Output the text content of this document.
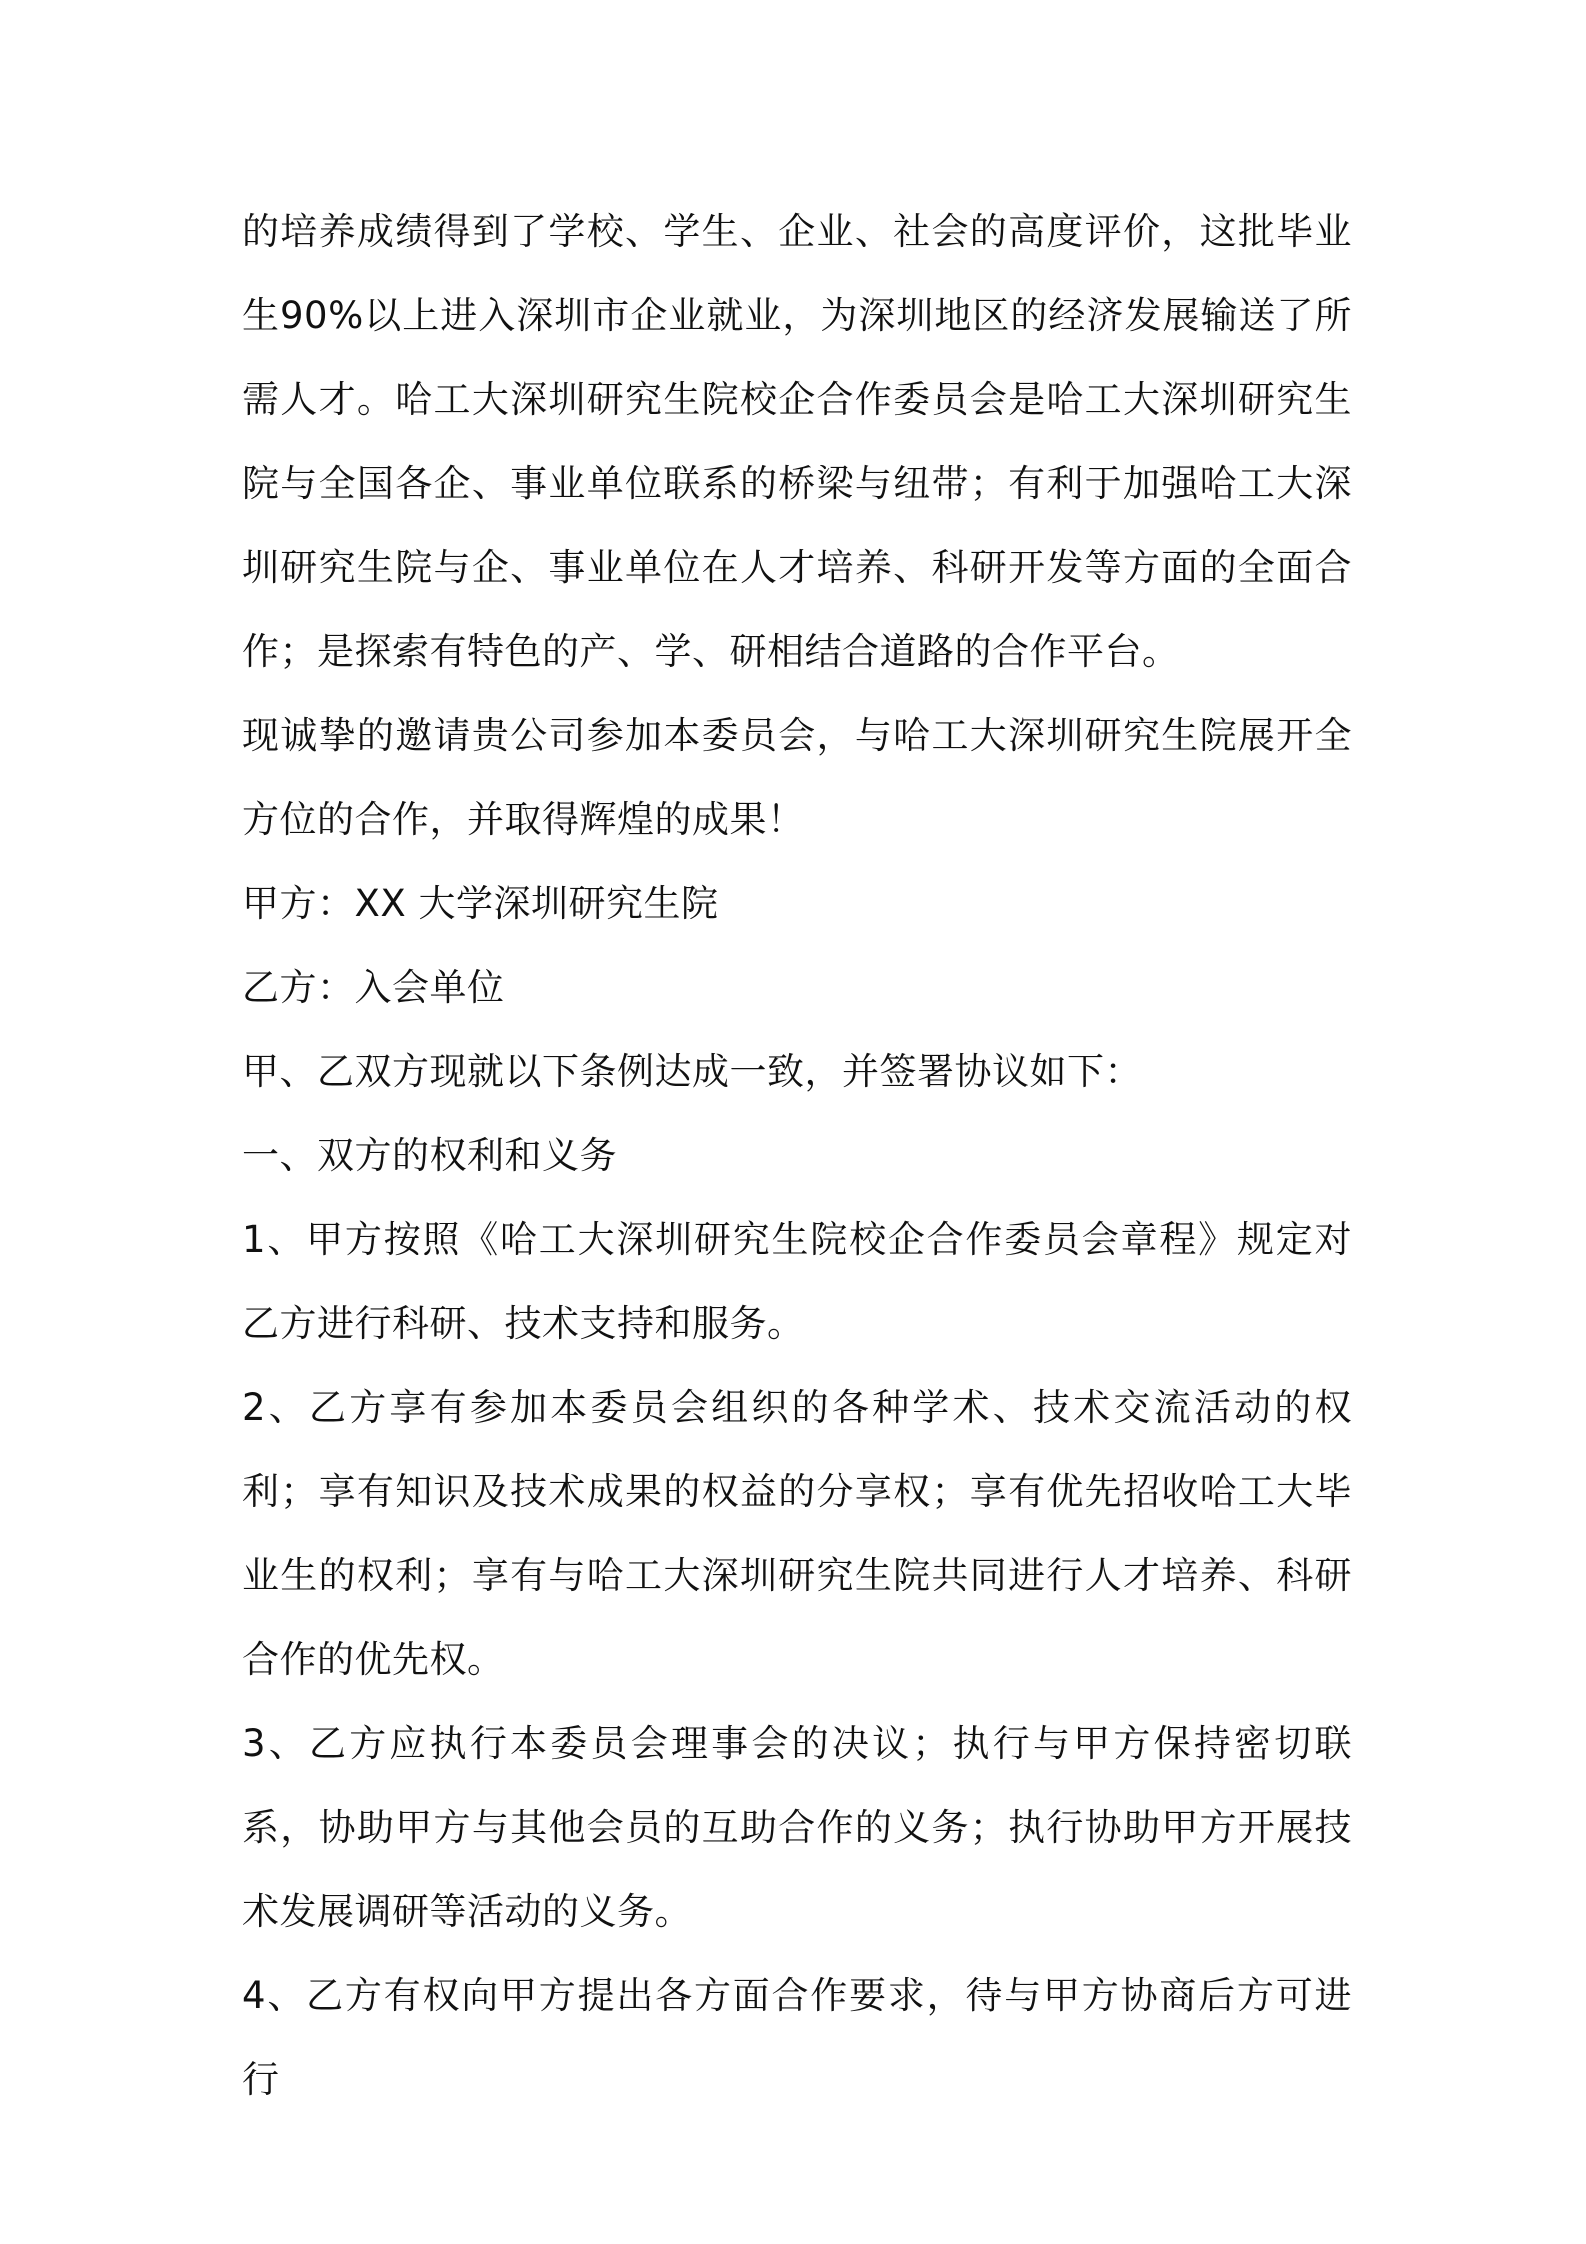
的培养成绩得到了学校、学生、企业、社会的高度评价，这批毕业生90%以上进入深圳市企业就业，为深圳地区的经济发展输送了所需人才。哈工大深圳研究生院校企合作委员会是哈工大深圳研究生院与全国各企、事业单位联系的桥梁与纽带；有利于加强哈工大深圳研究生院与企、事业单位在人才培养、科研开发等方面的全面合作；是探索有特色的产、学、研相结合道路的合作平台。

现诚挚的邀请贵公司参加本委员会，与哈工大深圳研究生院展开全方位的合作，并取得辉煌的成果！

甲方：XX 大学深圳研究生院

乙方：入会单位

甲、乙双方现就以下条例达成一致，并签署协议如下：

一、双方的权利和义务

1、甲方按照《哈工大深圳研究生院校企合作委员会章程》规定对乙方进行科研、技术支持和服务。

2、乙方享有参加本委员会组织的各种学术、技术交流活动的权利；享有知识及技术成果的权益的分享权；享有优先招收哈工大毕业生的权利；享有与哈工大深圳研究生院共同进行人才培养、科研合作的优先权。

3、乙方应执行本委员会理事会的决议；执行与甲方保持密切联系，协助甲方与其他会员的互助合作的义务；执行协助甲方开展技术发展调研等活动的义务。

4、乙方有权向甲方提出各方面合作要求，待与甲方协商后方可进行
